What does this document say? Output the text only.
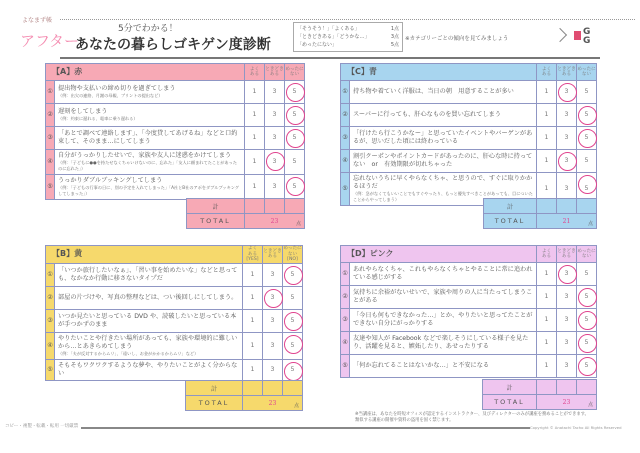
よなまず帳
アフター
5分でわかる！
あなたの暮らしゴキゲン度診断
「そうそう！」「よくある」	1点
「ときどきある」「どうかな…」	3点
「めったにない」	5点
※カテゴリーごとの傾向を見てみましょう
G
G
【A】赤		よく
ある	ときどき
ある	めったに
ない
①	提出物や支払いの締め切りを過ぎてしまう
（例：出欠の連絡、月謝の母親、プリントの提出など）	1	3	5
②	遅刻をしてしまう
（例：約束に遅れる、電車に乗り遅れる）	1	3	5
③	「あとで調べて連絡します」、「今度貸してあげるね」などと口約束して、そのまま…にしてしまう	1	3	5
④	自分がうっかりしたせいで、家族や友人に迷惑をかけてしまう
（例：「子どもに●●を持たせなくちゃいけないのに、忘れた」「友人に頼まれてたことがあったのに忘れた」）	1	3	5
⑤	うっかりダブルブッキングしてしまう
（例：「子どもの行事の日に、別の予定を入れてしまった」「A社とB社のアポをダブルブッキングしてしまった」）	1	3	5
計			
TOTAL	23 点		
【C】青		よく
ある	ときどき
ある	めったに
ない
①	持ち物や着ていく洋服は、当日の朝　用意することが多い	1	3	5
②	スーパーに行っても、肝心なものを買い忘れてしまう	1	3	5
③	「行けたら行こうかなー」と思っていたイベントやバーゲンがあるが、思いだした頃には終わっている	1	3	5
④	割引クーポンやポイントカードがあったのに、肝心な時に持ってない　or　有効期限が切れちゃった	1	3	5
⑤	忘れないうちに早くやらなくちゃ、と思うので、すぐに取りかかるほうだ
（例：急がなくてもいいことでもすぐやったり、もっと優先すべきことがあっても、目についたことからやってしまう）	1	3	5
計			
TOTAL	21 点		
【B】黄		よく
ある
[YES]	ときどき
ある	めったに
ない
[NO]
①	「いつか旅行したいなぁ」、「習い事を始めたいな」などと思っても、なかなか行動に移さないタイプだ	1	3	5
②	部屋の片づけや、写真の整理などは、つい後回しにしてしまう。	1	3	5
③	いつか見たいと思っている DVD や、読破したいと思っている本が手つかずのまま	1	3	5
④	やりたいことや行きたい場所があっても、家族や環境的に難しいから…とあきらめてしまう
（例：「夫が反対するからムリ」、「遠いし、お金がかかるからムリ」など）	1	3	5
⑤	そもそもワクワクするような夢や、やりたいことがよく分からない	1	3	5
計			
TOTAL	23 点		
【D】ピンク		よく
ある	ときどき
ある	めったに
ない
①	あれやらなくちゃ、これもやらなくちゃとやることに常に追われている感じがする	1	3	5
②	気持ちに余裕がないせいで、家族や周りの人に当たってしまうことがある	1	3	5
③	「今日も何もできなかった…」とか、やりたいと思ってたことができない自分にがっかりする	1	3	5
④	友達や知人が Facebook などで楽しそうにしている様子を見たり、活躍を見ると、嫉妬したり、あせったりする	1	3	5
⑤	「何か忘れてることはないかな…」と不安になる	1	3	5
計			
TOTAL	23 点		
コピー・複製・転載・転用 一切厳禁
※当講座は、あなたを時短オフィスが認定するインストラクター、及びディレクターのみが講座を務めることができます。
類似する講座の開催や資料の盗用を固く禁じます。
Copyright © Anatachi Tacho All Rights Reserved
